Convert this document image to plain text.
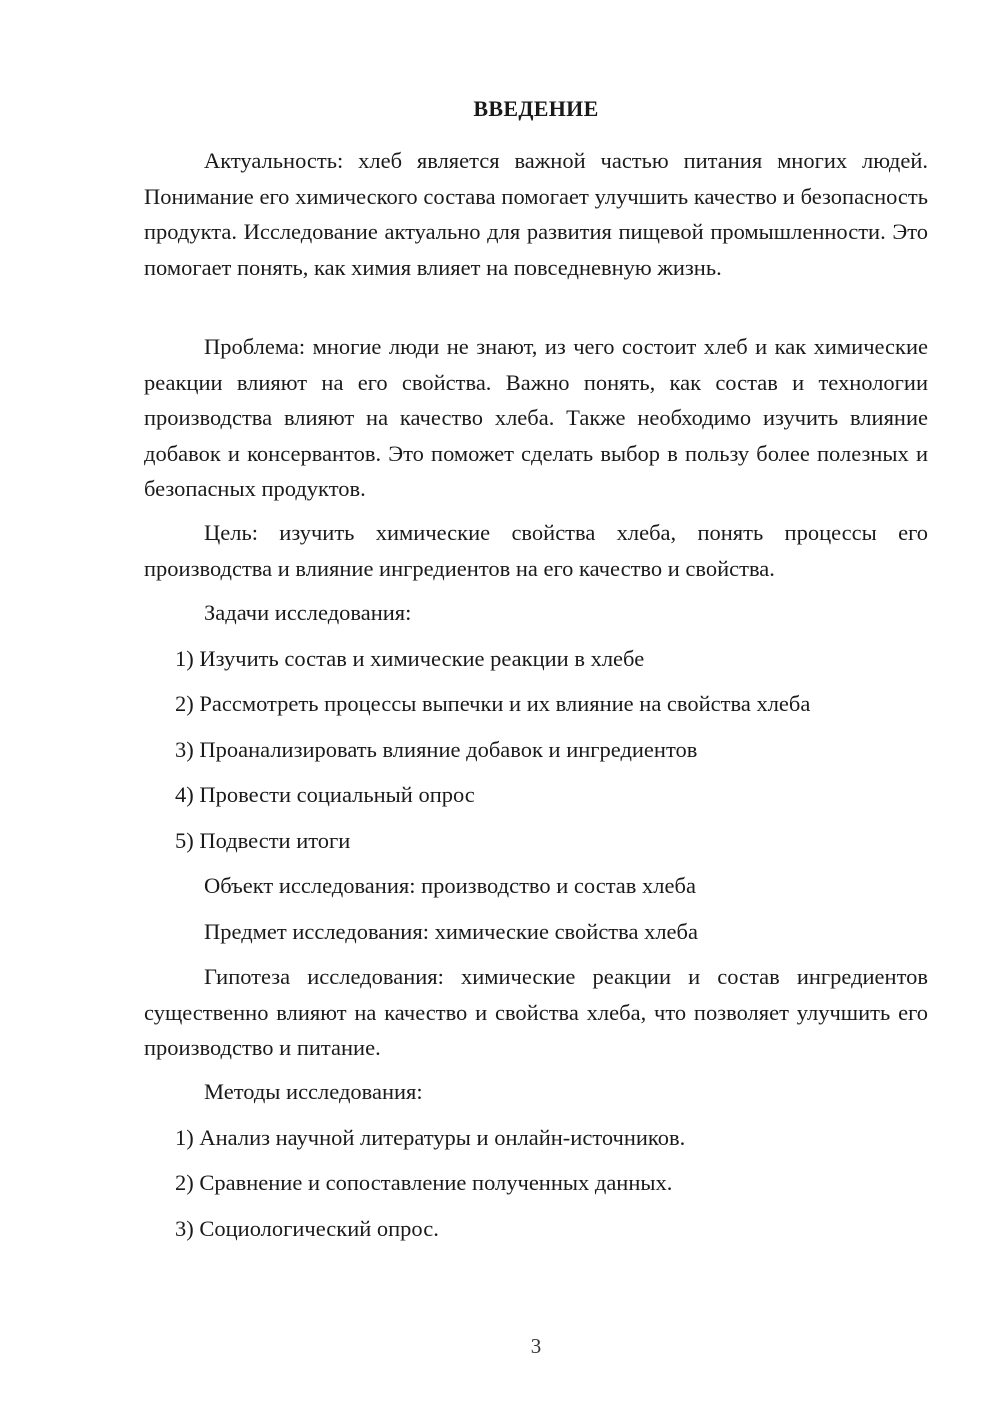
ВВЕДЕНИЕ

Актуальность: хлеб является важной частью питания многих людей. Понимание его химического состава помогает улучшить качество и безопасность продукта. Исследование актуально для развития пищевой промышленности. Это помогает понять, как химия влияет на повседневную жизнь.

Проблема: многие люди не знают, из чего состоит хлеб и как химические реакции влияют на его свойства. Важно понять, как состав и технологии производства влияют на качество хлеба. Также необходимо изучить влияние добавок и консервантов. Это поможет сделать выбор в пользу более полезных и безопасных продуктов.

Цель: изучить химические свойства хлеба, понять процессы его производства и влияние ингредиентов на его качество и свойства.

Задачи исследования:

1) Изучить состав и химические реакции в хлебе

2) Рассмотреть процессы выпечки и их влияние на свойства хлеба

3) Проанализировать влияние добавок и ингредиентов

4) Провести социальный опрос

5) Подвести итоги

Объект исследования: производство и состав хлеба

Предмет исследования: химические свойства хлеба

Гипотеза исследования: химические реакции и состав ингредиентов существенно влияют на качество и свойства хлеба, что позволяет улучшить его производство и питание.

Методы исследования:

1) Анализ научной литературы и онлайн-источников.

2) Сравнение и сопоставление полученных данных.

3) Социологический опрос.

3
